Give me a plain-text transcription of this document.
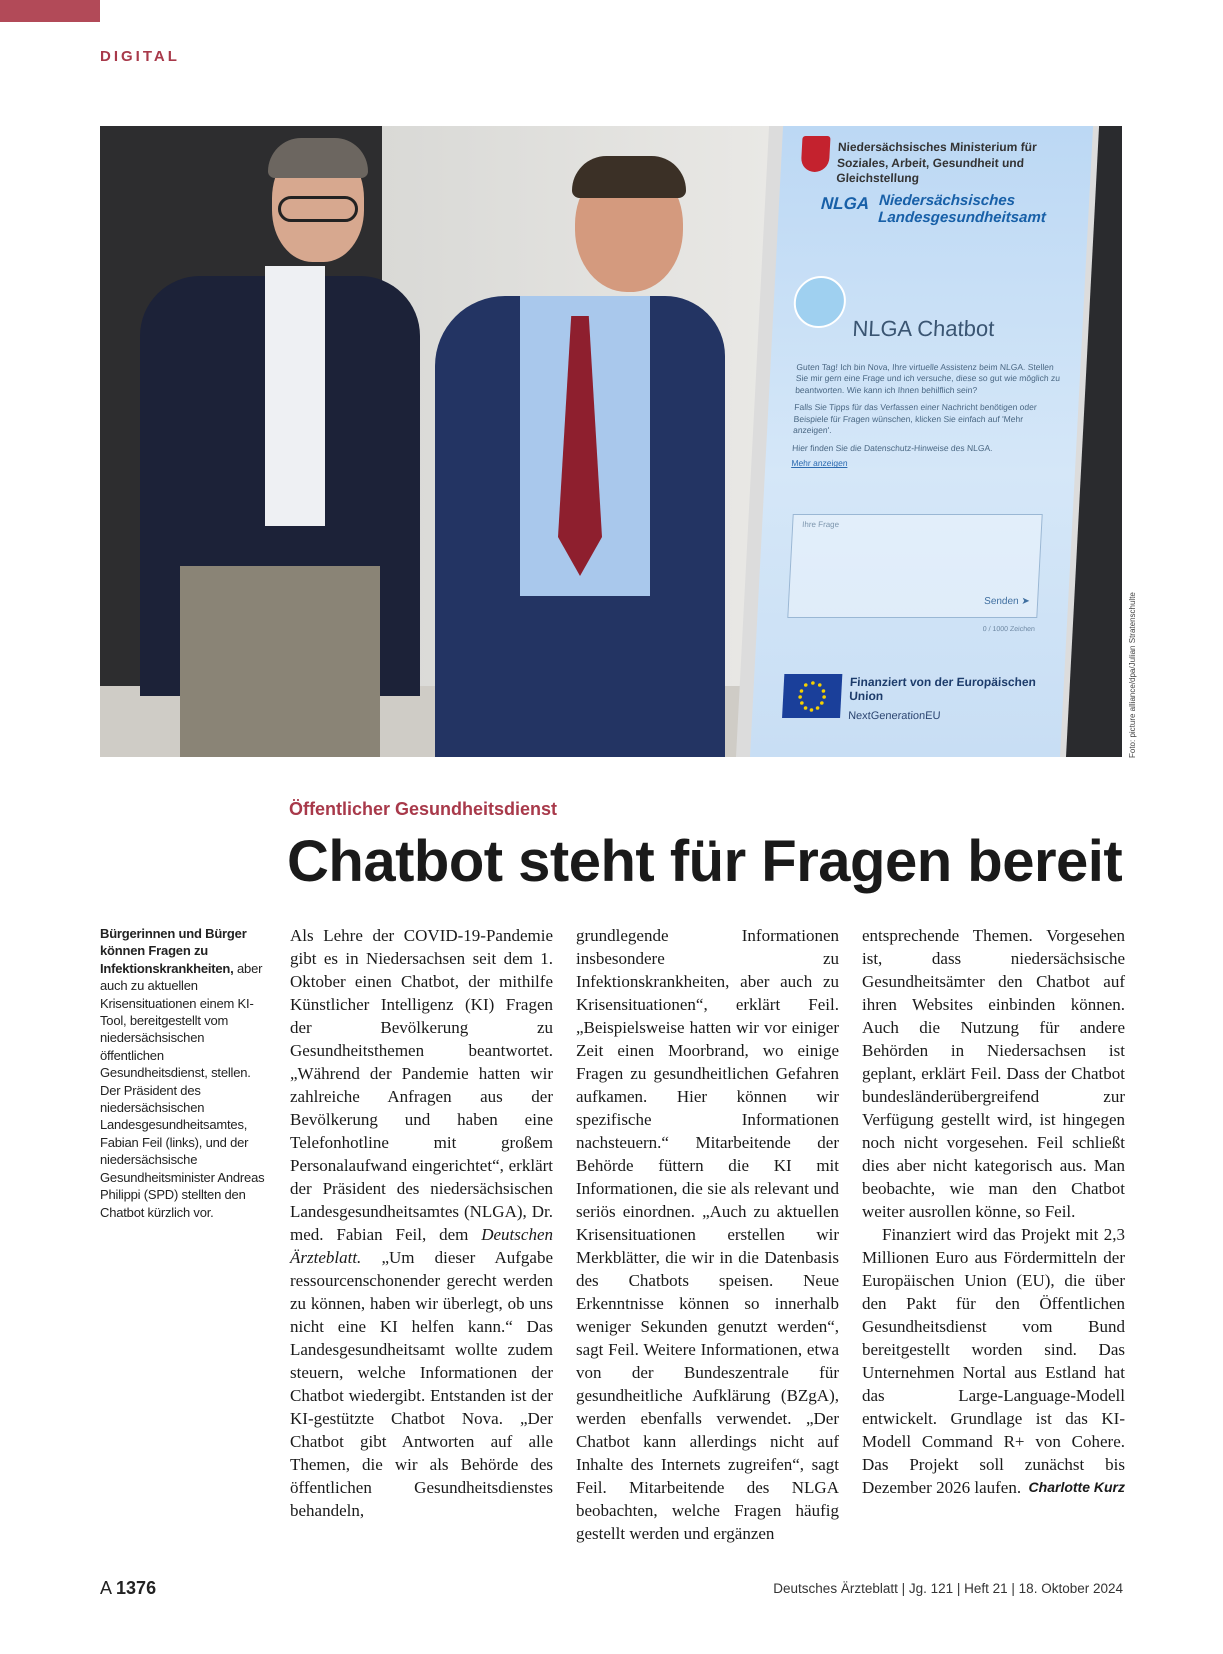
DIGITAL
Niedersächsisches Ministerium für Soziales, Arbeit, Gesundheit und Gleichstellung
NLGA Niedersächsisches Landesgesundheitsamt
NLGA Chatbot

Guten Tag! Ich bin Nova, Ihre virtuelle Assistenz beim NLGA. Stellen Sie mir gern eine Frage und ich versuche, diese so gut wie möglich zu beantworten. Wie kann ich Ihnen behilflich sein?

Falls Sie Tipps für das Verfassen einer Nachricht benötigen oder Beispiele für Fragen wünschen, klicken Sie einfach auf 'Mehr anzeigen'.

Hier finden Sie die Datenschutz-Hinweise des NLGA.

Mehr anzeigen

Ihre Frage
Senden ➤
0 / 1000 Zeichen
Finanziert von der Europäischen Union
NextGenerationEU	Foto: picture alliance/dpa/Julian Stratenschulte
Öffentlicher Gesundheitsdienst
Chatbot steht für Fragen bereit
Bürgerinnen und Bürger können Fragen zu Infektionskrankheiten, aber auch zu aktuellen Krisensituationen einem KI-Tool, bereitgestellt vom niedersächsischen öffentlichen Gesundheitsdienst, stellen. Der Präsident des niedersächsischen Landesgesundheitsamtes, Fabian Feil (links), und der niedersächsische Gesundheitsminister Andreas Philippi (SPD) stellten den Chatbot kürzlich vor.

Als Lehre der COVID-19-Pandemie gibt es in Niedersachsen seit dem 1. Oktober einen Chatbot, der mithilfe Künstlicher Intelligenz (KI) Fragen der Bevölkerung zu Gesundheitsthemen beantwortet. „Während der Pandemie hatten wir zahlreiche Anfragen aus der Bevölkerung und haben eine Telefonhotline mit großem Personalaufwand eingerichtet“, erklärt der Präsident des niedersächsischen Landesgesundheitsamtes (NLGA), Dr. med. Fabian Feil, dem Deutschen Ärzteblatt. „Um dieser Aufgabe ressourcenschonender gerecht werden zu können, haben wir überlegt, ob uns nicht eine KI helfen kann.“ Das Landesgesundheitsamt wollte zudem steuern, welche Informationen der Chatbot wiedergibt. Entstanden ist der KI-gestützte Chatbot Nova. „Der Chatbot gibt Antworten auf alle Themen, die wir als Behörde des öffentlichen Gesundheitsdienstes behandeln,

grundlegende Informationen insbesondere zu Infektionskrankheiten, aber auch zu Krisensituationen“, erklärt Feil. „Beispielsweise hatten wir vor einiger Zeit einen Moorbrand, wo einige Fragen zu gesundheitlichen Gefahren aufkamen. Hier können wir spezifische Informationen nachsteuern.“ Mitarbeitende der Behörde füttern die KI mit Informationen, die sie als relevant und seriös einordnen. „Auch zu aktuellen Krisensituationen erstellen wir Merkblätter, die wir in die Datenbasis des Chatbots speisen. Neue Erkenntnisse können so innerhalb weniger Sekunden genutzt werden“, sagt Feil. Weitere Informationen, etwa von der Bundeszentrale für gesundheitliche Aufklärung (BZgA), werden ebenfalls verwendet. „Der Chatbot kann allerdings nicht auf Inhalte des Internets zugreifen“, sagt Feil. Mitarbeitende des NLGA beobachten, welche Fragen häufig gestellt werden und ergänzen

entsprechende Themen. Vorgesehen ist, dass niedersächsische Gesundheitsämter den Chatbot auf ihren Websites einbinden können. Auch die Nutzung für andere Behörden in Niedersachsen ist geplant, erklärt Feil. Dass der Chatbot bundesländerübergreifend zur Verfügung gestellt wird, ist hingegen noch nicht vorgesehen. Feil schließt dies aber nicht kategorisch aus. Man beobachte, wie man den Chatbot weiter ausrollen könne, so Feil.

Finanziert wird das Projekt mit 2,3 Millionen Euro aus Fördermitteln der Europäischen Union (EU), die über den Pakt für den Öffentlichen Gesundheitsdienst vom Bund bereitgestellt worden sind. Das Unternehmen Nortal aus Estland hat das Large-Language-Modell entwickelt. Grundlage ist das KI-Modell Command R+ von Cohere. Das Projekt soll zunächst bis Dezember 2026 laufen. Charlotte Kurz
A 1376	Deutsches Ärzteblatt | Jg. 121 | Heft 21 | 18. Oktober 2024
